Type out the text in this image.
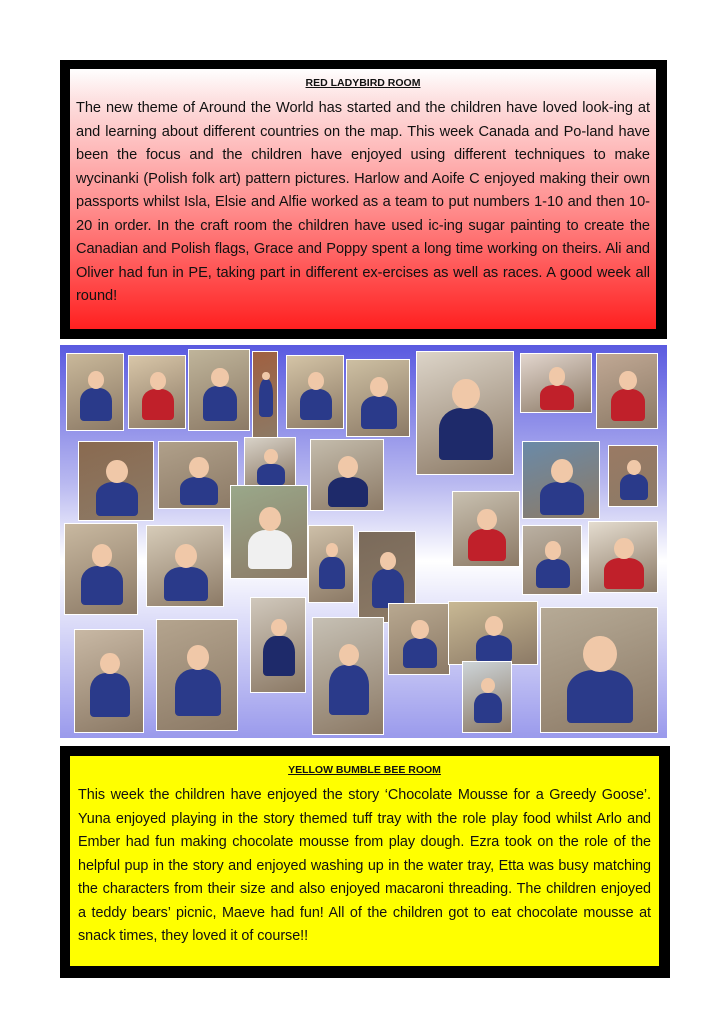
RED LADYBIRD ROOM
The new theme of Around the World has started and the children have loved look-ing at and learning about different countries on the map. This week Canada and Po-land have been the focus and the children have enjoyed using different techniques to make wycinanki (Polish folk art) pattern pictures. Harlow and Aoife C enjoyed making their own passports whilst Isla, Elsie and Alfie worked as a team to put numbers 1-10 and then 10-20 in order. In the craft room the children have used ic-ing sugar painting to create the Canadian and Polish flags, Grace and Poppy spent a long time working on theirs. Ali and Oliver had fun in PE, taking part in different ex-ercises as well as races. A good week all round!
YELLOW BUMBLE BEE ROOM
This week the children have enjoyed the story ‘Chocolate Mousse for a Greedy Goose’. Yuna enjoyed playing in the story themed tuff tray with the role play food whilst Arlo and Ember had fun making chocolate mousse from play dough. Ezra took on the role of the helpful pup in the story and enjoyed washing up in the water tray, Etta was busy matching the characters from their size and also enjoyed macaroni threading. The children enjoyed a teddy bears’ picnic, Maeve had fun! All of the children got to eat chocolate mousse at snack times, they loved it of course!!
